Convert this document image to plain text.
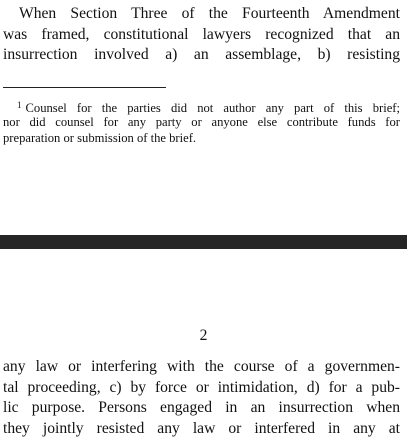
When Section Three of the Fourteenth Amendment
was framed, constitutional lawyers recognized that an
insurrection involved a) an assemblage, b) resisting
$^1$ Counsel for the parties did not author any part of this brief;
nor did counsel for any party or anyone else contribute funds for
preparation or submission of the brief.
2
any law or interfering with the course of a governmen-
tal proceeding, c) by force or intimidation, d) for a pub-
lic purpose. Persons engaged in an insurrection when
they jointly resisted any law or interfered in any at
